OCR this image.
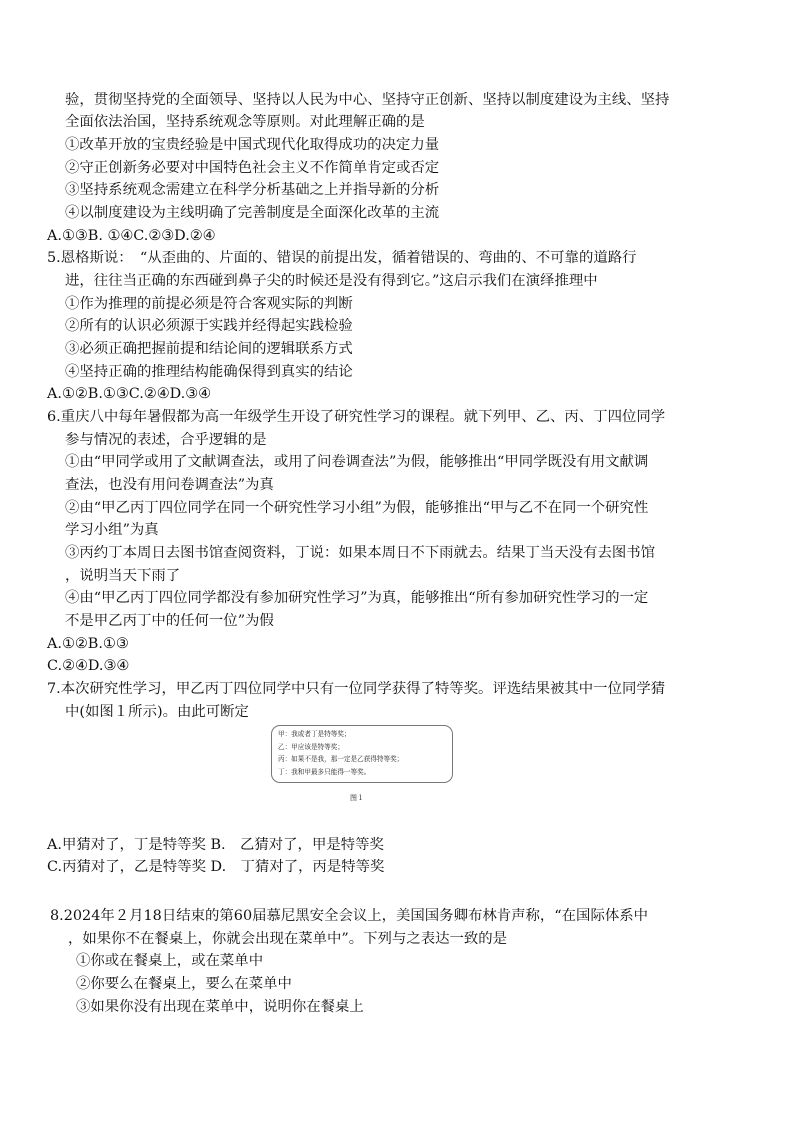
验，贯彻坚持党的全面领导、坚持以人民为中心、坚持守正创新、坚持以制度建设为主线、坚持
全面依法治国，坚持系统观念等原则。对此理解正确的是
①改革开放的宝贵经验是中国式现代化取得成功的决定力量
②守正创新务必要对中国特色社会主义不作简单肯定或否定
③坚持系统观念需建立在科学分析基础之上并指导新的分析
④以制度建设为主线明确了完善制度是全面深化改革的主流
A.①③B. ①④C.②③D.②④
5.恩格斯说：　“从歪曲的、片面的、错误的前提出发，循着错误的、弯曲的、不可靠的道路行
进，往往当正确的东西碰到鼻子尖的时候还是没有得到它。”这启示我们在演绎推理中
①作为推理的前提必须是符合客观实际的判断
②所有的认识必须源于实践并经得起实践检验
③必须正确把握前提和结论间的逻辑联系方式
④坚持正确的推理结构能确保得到真实的结论
A.①②B.①③C.②④D.③④
6.重庆八中每年暑假都为高一年级学生开设了研究性学习的课程。就下列甲、乙、丙、丁四位同学
参与情况的表述，合乎逻辑的是
①由“甲同学或用了文献调查法，或用了问卷调查法”为假，能够推出“甲同学既没有用文献调
查法，也没有用问卷调查法”为真
②由“甲乙丙丁四位同学在同一个研究性学习小组”为假，能够推出“甲与乙不在同一个研究性
学习小组”为真
③丙约丁本周日去图书馆查阅资料，丁说：如果本周日不下雨就去。结果丁当天没有去图书馆
，说明当天下雨了
④由“甲乙丙丁四位同学都没有参加研究性学习”为真，能够推出“所有参加研究性学习的一定
不是甲乙丙丁中的任何一位”为假
A.①②B.①③
C.②④D.③④
7.本次研究性学习，甲乙丙丁四位同学中只有一位同学获得了特等奖。评选结果被其中一位同学猜
中(如图１所示)。由此可断定
甲：我或者丁是特等奖；
乙：甲应该是特等奖；
丙：如果不是我，那一定是乙获得特等奖；
丁：我和甲最多只能得一等奖。
图１
A.甲猜对了，丁是特等奖 B.　乙猜对了，甲是特等奖
C.丙猜对了，乙是特等奖 D.　丁猜对了，丙是特等奖
8.2024年２月18日结束的第60届慕尼黑安全会议上，美国国务卿布林肯声称，“在国际体系中
，如果你不在餐桌上，你就会出现在菜单中”。下列与之表达一致的是
①你或在餐桌上，或在菜单中
②你要么在餐桌上，要么在菜单中
③如果你没有出现在菜单中，说明你在餐桌上
